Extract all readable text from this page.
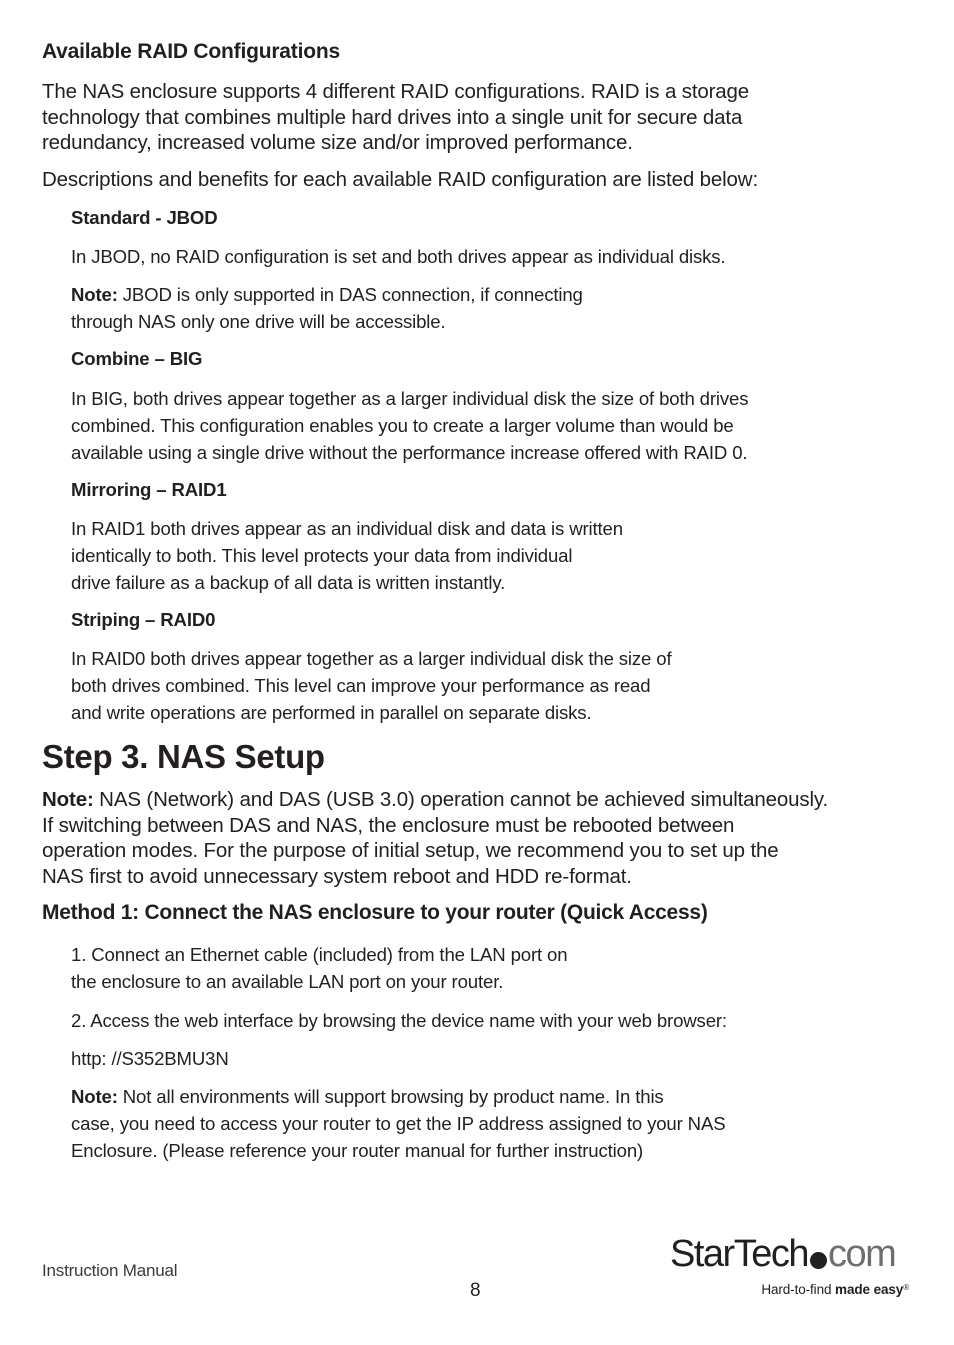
Available RAID Configurations

The NAS enclosure supports 4 different RAID configurations. RAID is a storage
technology that combines multiple hard drives into a single unit for secure data
redundancy, increased volume size and/or improved performance.

Descriptions and benefits for each available RAID configuration are listed below:

Standard - JBOD

In JBOD, no RAID configuration is set and both drives appear as individual disks.

Note: JBOD is only supported in DAS connection, if connecting
through NAS only one drive will be accessible.

Combine – BIG

In BIG, both drives appear together as a larger individual disk the size of both drives
combined. This configuration enables you to create a larger volume than would be
available using a single drive without the performance increase offered with RAID 0.

Mirroring – RAID1

In RAID1 both drives appear as an individual disk and data is written
identically to both. This level protects your data from individual
drive failure as a backup of all data is written instantly.

Striping – RAID0

In RAID0 both drives appear together as a larger individual disk the size of
both drives combined. This level can improve your performance as read
and write operations are performed in parallel on separate disks.

Step 3. NAS Setup

Note: NAS (Network) and DAS (USB 3.0) operation cannot be achieved simultaneously.
If switching between DAS and NAS, the enclosure must be rebooted between
operation modes. For the purpose of initial setup, we recommend you to set up the
NAS first to avoid unnecessary system reboot and HDD re-format.

Method 1: Connect the NAS enclosure to your router (Quick Access)

1. Connect an Ethernet cable (included) from the LAN port on
the enclosure to an available LAN port on your router.

2. Access the web interface by browsing the device name with your web browser:

http: //S352BMU3N

Note: Not all environments will support browsing by product name. In this
case, you need to access your router to get the IP address assigned to your NAS
Enclosure. (Please reference your router manual for further instruction)

Instruction Manual
8
StarTech com
Hard-to-find made easy®
